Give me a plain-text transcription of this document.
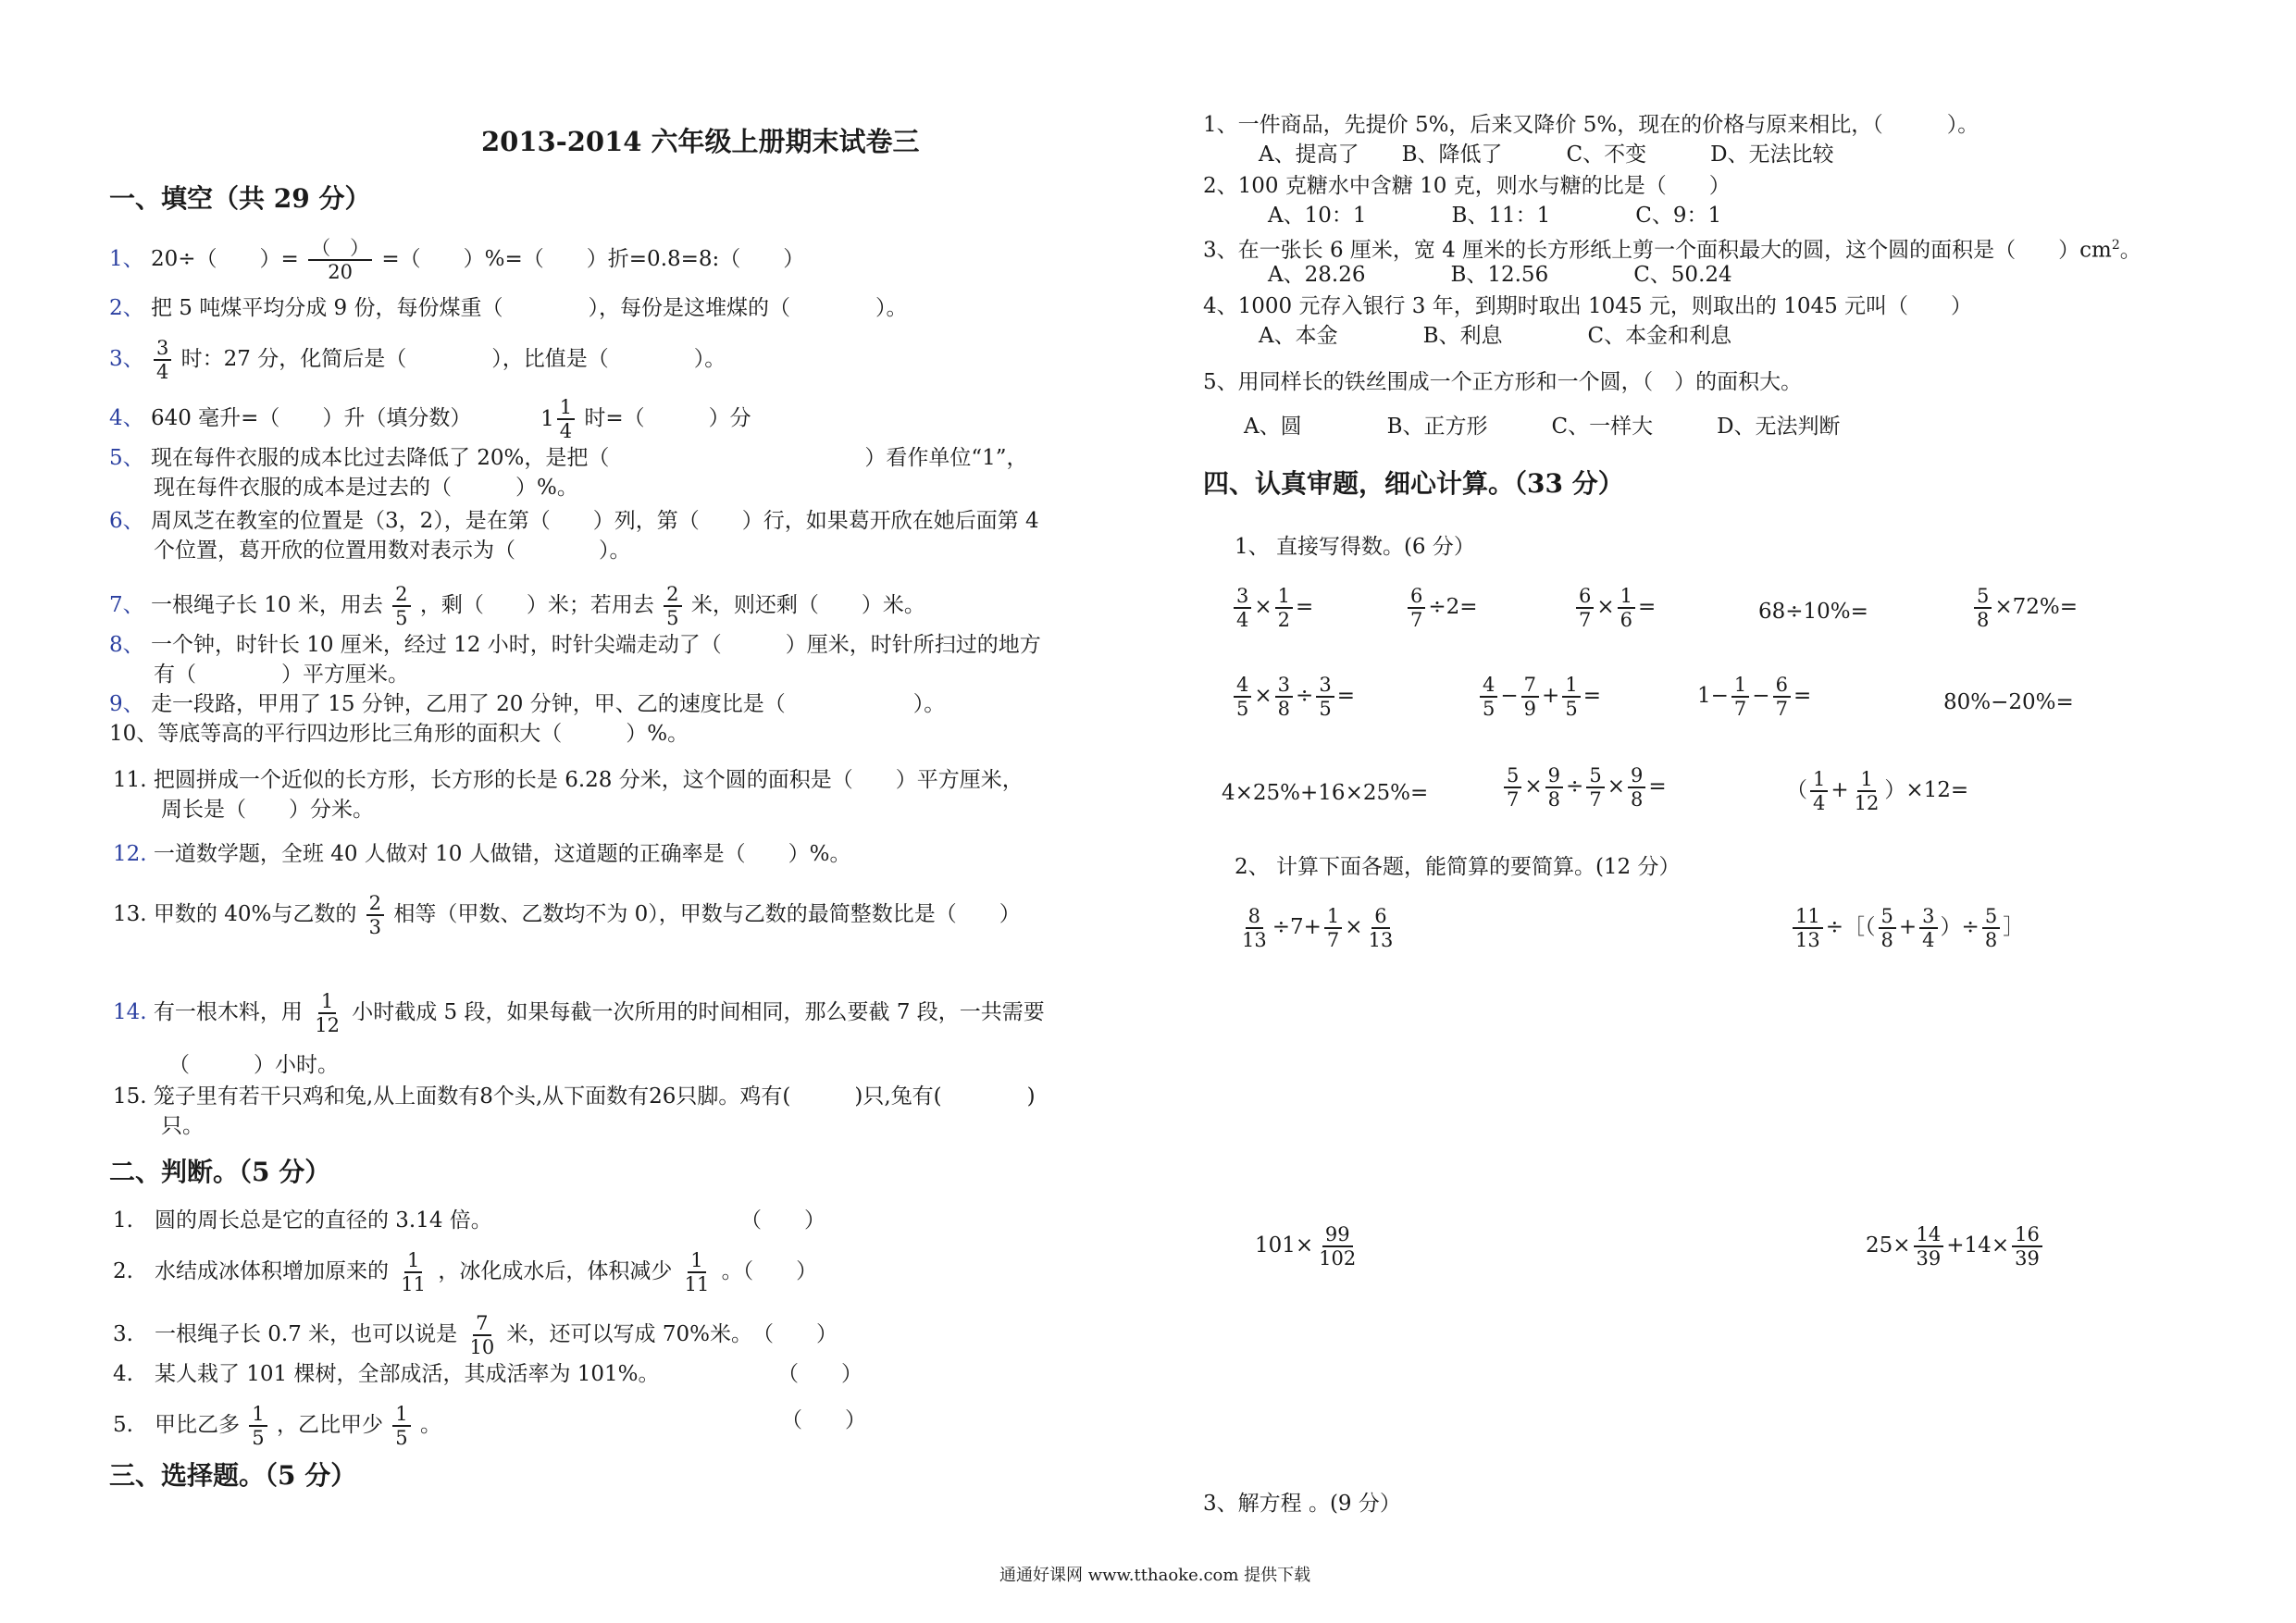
2013-2014 六年级上册期末试卷三
一、填空（共 29 分）
1、 20÷（　　）= $\frac{( )}{20}$ =（　　）%=（　　）折=0.8=8:（　　）
2、 把 5 吨煤平均分成 9 份，每份煤重（　　　　），每份是这堆煤的（　　　　）。
3、 $\frac{3}{4}$ 时：27 分，化简后是（　　　　），比值是（　　　　）。
4、 640 毫升=（　　）升（填分数）	$1 \frac{1}{4}$ 时=（　　　）分
5、 现在每件衣服的成本比过去降低了 20%，是把（　　　　　　　　　　　　）看作单位“1”，
现在每件衣服的成本是过去的（　　　）%。
6、 周凤芝在教室的位置是（3，2），是在第（　　）列，第（　　）行，如果葛开欣在她后面第 4
个位置，葛开欣的位置用数对表示为（	）。
7、 一根绳子长 10 米，用去 $\frac{2}{5}$ ，剩（　　）米；若用去 $\frac{2}{5}$ 米，则还剩（　　）米。
8、 一个钟，时针长 10 厘米，经过 12 小时，时针尖端走动了（　　　）厘米，时针所扫过的地方
有（　　　　）平方厘米。
9、 走一段路，甲用了 15 分钟，乙用了 20 分钟，甲、乙的速度比是（　　　　　　）。
10、等底等高的平行四边形比三角形的面积大（　　　）%。
11. 把圆拼成一个近似的长方形，长方形的长是 6.28 分米，这个圆的面积是（　　）平方厘米，
周长是（　　）分米。
12. 一道数学题，全班 40 人做对 10 人做错，这道题的正确率是（　　）%。
13. 甲数的 40%与乙数的 $\frac{2}{3}$ 相等（甲数、乙数均不为 0），甲数与乙数的最简整数比是（　　）
14. 有一根木料，用 $\frac{1}{12}$ 小时截成 5 段，如果每截一次所用的时间相同，那么要截 7 段，一共需要
（　　　）小时。
15. 笼子里有若干只鸡和兔,从上面数有8个头,从下面数有26只脚。鸡有(　　　)只,兔有(　　　　)
只。
二、判断。（5 分）
1.　圆的周长总是它的直径的 3.14 倍。	（　　）
2.　水结成冰体积增加原来的 $\frac{1}{11}$ ，冰化成水后，体积减少 $\frac{1}{11}$ 。（　　）
3.　一根绳子长 0.7 米，也可以说是 $\frac{7}{10}$ 米，还可以写成 70%米。　（　　）
4.　某人栽了 101 棵树，全部成活，其成活率为 101%。	（　　）
5.　甲比乙多 $\frac{1}{5}$ ，乙比甲少 $\frac{1}{5}$ 。	（　　）
三、选择题。（5 分）
1、一件商品，先提价 5%，后来又降价 5%，现在的价格与原来相比，（　　　）。
A、提高了　　B、降低了　　　C、不变　　　D、无法比较
2、100 克糖水中含糖 10 克，则水与糖的比是（　　）
A、10：1　　　　B、11：1　　　　C、9：1
3、在一张长 6 厘米，宽 4 厘米的长方形纸上剪一个面积最大的圆，这个圆的面积是（　　）$cm^2$。
A、28.26　　　　B、12.56　　　　C、50.24
4、1000 元存入银行 3 年，到期时取出 1045 元，则取出的 1045 元叫（　　）
A、本金　　　　B、利息　　　　C、本金和利息
5、用同样长的铁丝围成一个正方形和一个圆，（　）的面积大。
A、圆　　　　B、正方形　　　C、一样大　　　D、无法判断
四、认真审题，细心计算。（33 分）
1、 直接写得数。(6 分）
$\frac{3}{4} \times \frac{1}{2}$ =	$\frac{6}{7} \div 2=$	$\frac{6}{7} \times \frac{1}{6}$ =	68÷10%=	$\frac{5}{8} \times 72\%=$
$\frac{4}{5} \times \frac{3}{8} \div \frac{3}{5}$ =	$\frac{4}{5} - \frac{7}{9} + \frac{1}{5}$ =	$1- \frac{1}{7} - \frac{6}{7}$ =	80%−20%=
4×25%+16×25%=	$\frac{5}{7} \times \frac{9}{8} \div \frac{5}{7} \times \frac{9}{8}$ =	（ $\frac{1}{4} + \frac{1}{12} )\times 12=$
2、 计算下面各题，能简算的要简算。(12 分）
$\frac{8}{13} \div 7+ \frac{1}{7} \times \frac{6}{13}$	$\frac{11}{13}$ ÷［（ $\frac{5}{8} + \frac{3}{4}$ ）÷ $\frac{5}{8}$ ］
$101\times \frac{99}{102}$	$25\times \frac{14}{39} +14\times \frac{16}{39}$
3、解方程 。(9 分）
通通好课网 www.tthaoke.com 提供下载
